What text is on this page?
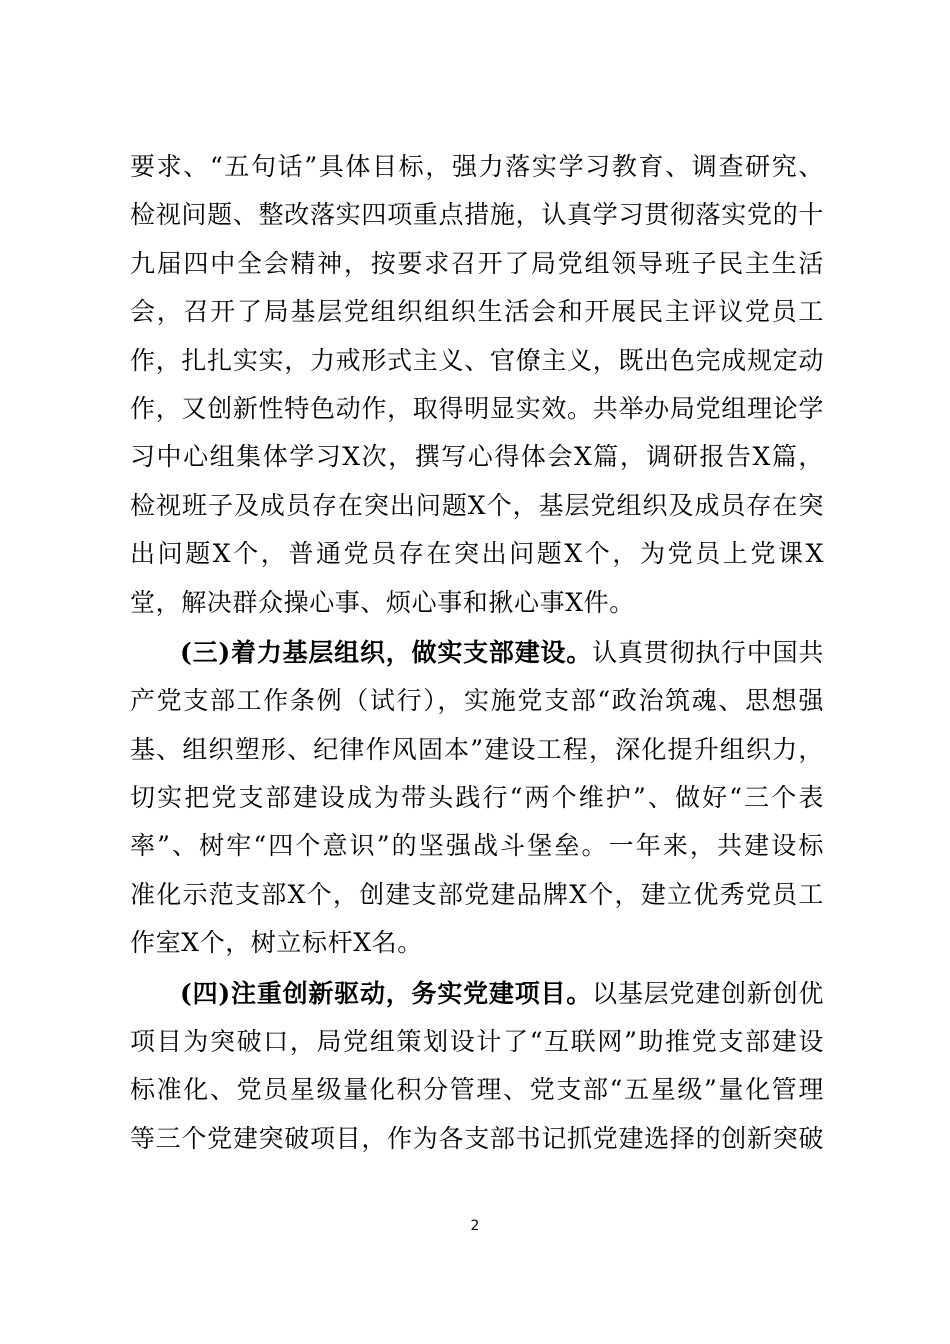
要求、“五句话”具体目标，强力落实学习教育、调查研究、
检视问题、整改落实四项重点措施，认真学习贯彻落实党的十
九届四中全会精神，按要求召开了局党组领导班子民主生活
会，召开了局基层党组织组织生活会和开展民主评议党员工
作，扎扎实实，力戒形式主义、官僚主义，既出色完成规定动
作，又创新性特色动作，取得明显实效。共举办局党组理论学
习中心组集体学习X次，撰写心得体会X篇，调研报告X篇，
检视班子及成员存在突出问题X个，基层党组织及成员存在突
出问题X个，普通党员存在突出问题X个，为党员上党课X
堂，解决群众操心事、烦心事和揪心事X件。
(三)着力基层组织，做实支部建设。认真贯彻执行中国共
产党支部工作条例（试行），实施党支部“政治筑魂、思想强
基、组织塑形、纪律作风固本”建设工程，深化提升组织力，
切实把党支部建设成为带头践行“两个维护”、做好“三个表
率”、树牢“四个意识”的坚强战斗堡垒。一年来，共建设标
准化示范支部X个，创建支部党建品牌X个，建立优秀党员工
作室X个，树立标杆X名。
(四)注重创新驱动，务实党建项目。以基层党建创新创优
项目为突破口，局党组策划设计了“互联网”助推党支部建设
标准化、党员星级量化积分管理、党支部“五星级”量化管理
等三个党建突破项目，作为各支部书记抓党建选择的创新突破
2
